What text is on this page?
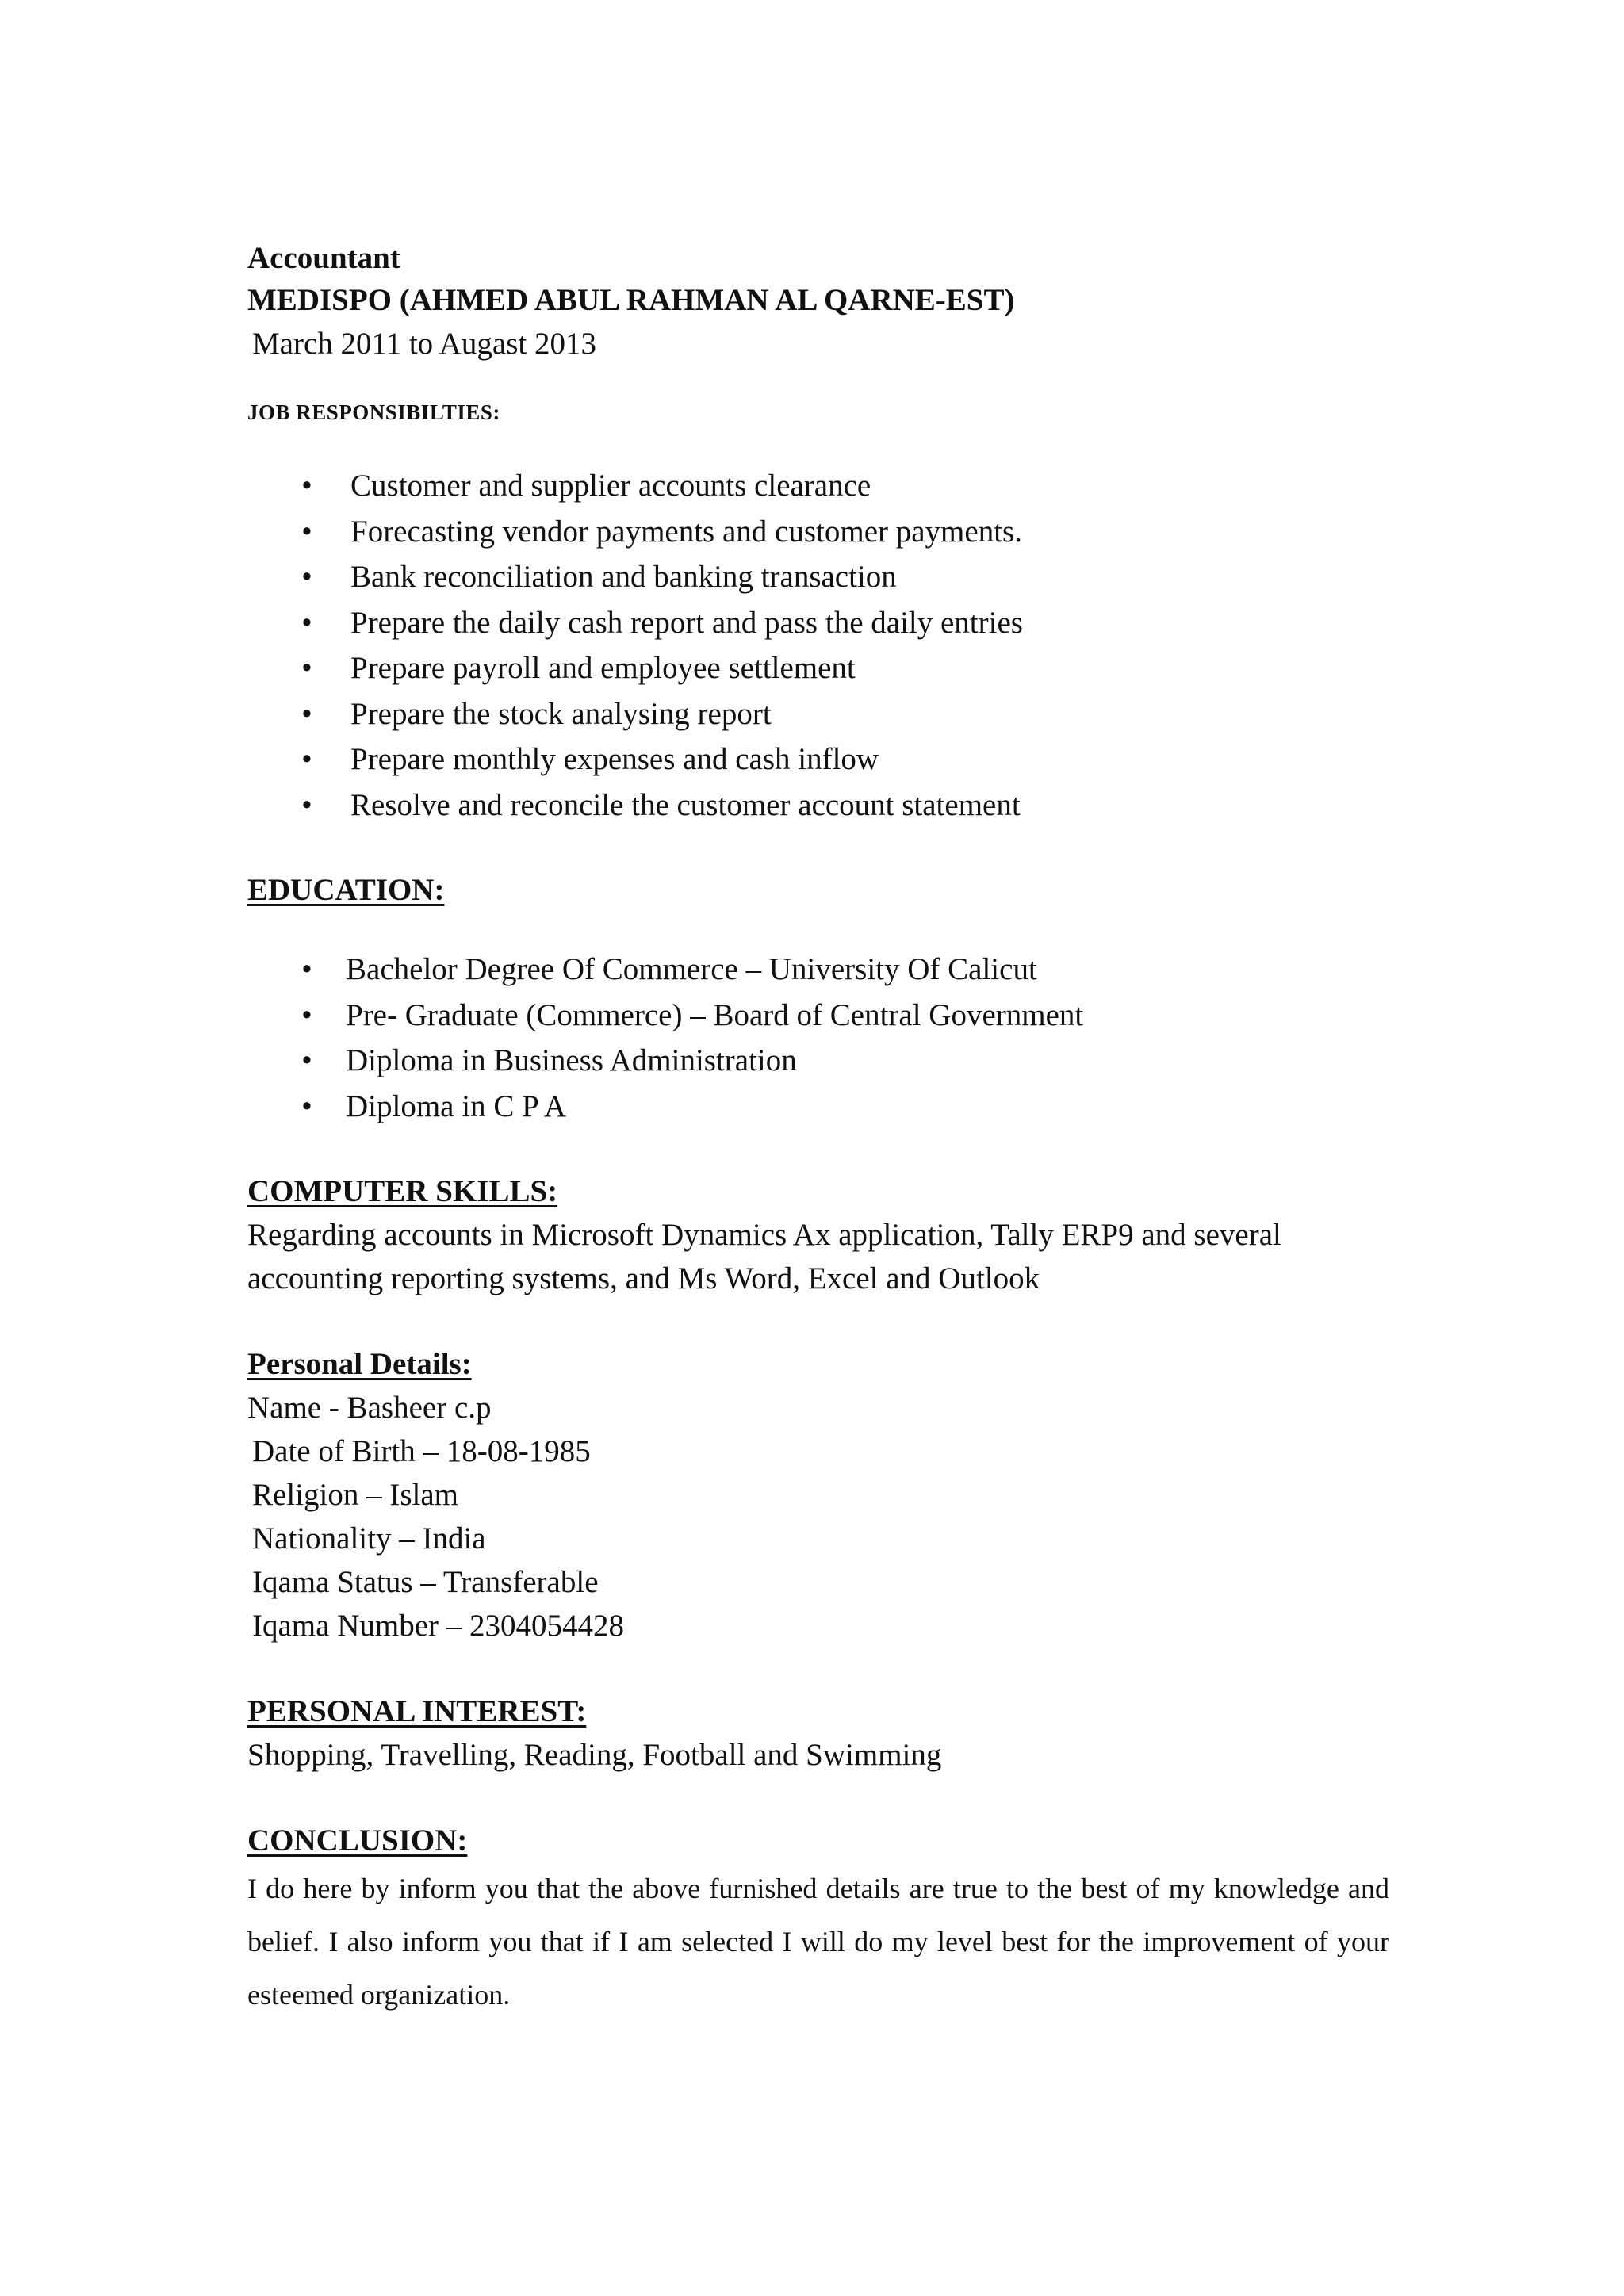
Accountant
MEDISPO (AHMED ABUL RAHMAN AL QARNE-EST)
March 2011 to Augast 2013
JOB RESPONSIBILTIES:
• Customer and supplier accounts clearance
• Forecasting vendor payments and customer payments.
• Bank reconciliation and banking transaction
• Prepare the daily cash report and pass the daily entries
• Prepare payroll and employee settlement
• Prepare the stock analysing report
• Prepare monthly expenses and cash inflow
• Resolve and reconcile the customer account statement
EDUCATION:
• Bachelor Degree Of Commerce – University Of Calicut
• Pre- Graduate (Commerce) – Board of Central Government
• Diploma in Business Administration
• Diploma in C P A
COMPUTER SKILLS:
Regarding accounts in Microsoft Dynamics Ax application, Tally ERP9 and several accounting reporting systems, and Ms Word, Excel and Outlook
Personal Details:
Name - Basheer c.p
Date of Birth – 18-08-1985
Religion – Islam
Nationality – India
Iqama Status – Transferable
Iqama Number – 2304054428
PERSONAL INTEREST:
Shopping, Travelling, Reading, Football and Swimming
CONCLUSION:
I do here by inform you that the above furnished details are true to the best of my knowledge and belief. I also inform you that if I am selected I will do my level best for the improvement of your esteemed organization.
